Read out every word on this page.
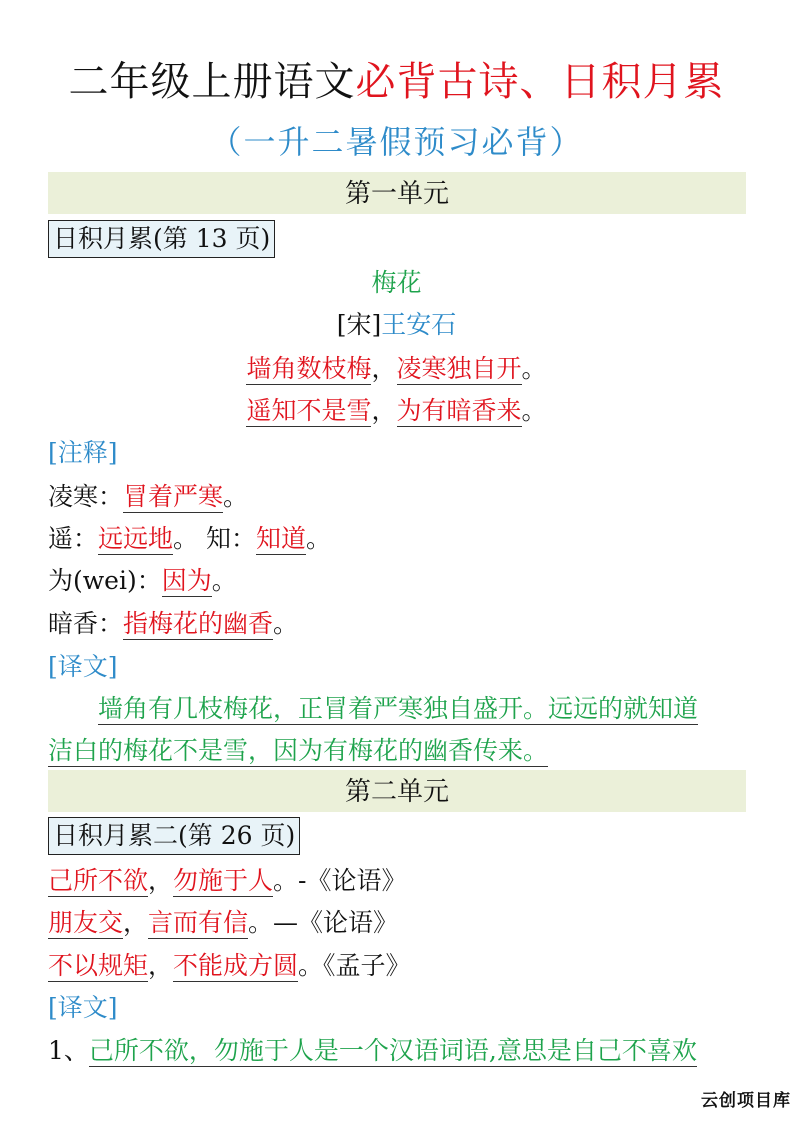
二年级上册语文必背古诗、日积月累
（一升二暑假预习必背）
第一单元
日积月累(第 13 页)
梅花
[宋]王安石
墙角数枝梅，凌寒独自开。
遥知不是雪，为有暗香来。
[注释]
凌寒：冒着严寒。
遥：远远地。 知：知道。
为(wei)：因为。
暗香：指梅花的幽香。
[译文]
墙角有几枝梅花，正冒着严寒独自盛开。远远的就知道
洁白的梅花不是雪，因为有梅花的幽香传来。
第二单元
日积月累二(第 26 页)
己所不欲，勿施于人。-《论语》
朋友交，言而有信。—《论语》
不以规矩，不能成方圆。《孟子》
[译文]
1、己所不欲，勿施于人是一个汉语词语,意思是自己不喜欢
云创项目库
